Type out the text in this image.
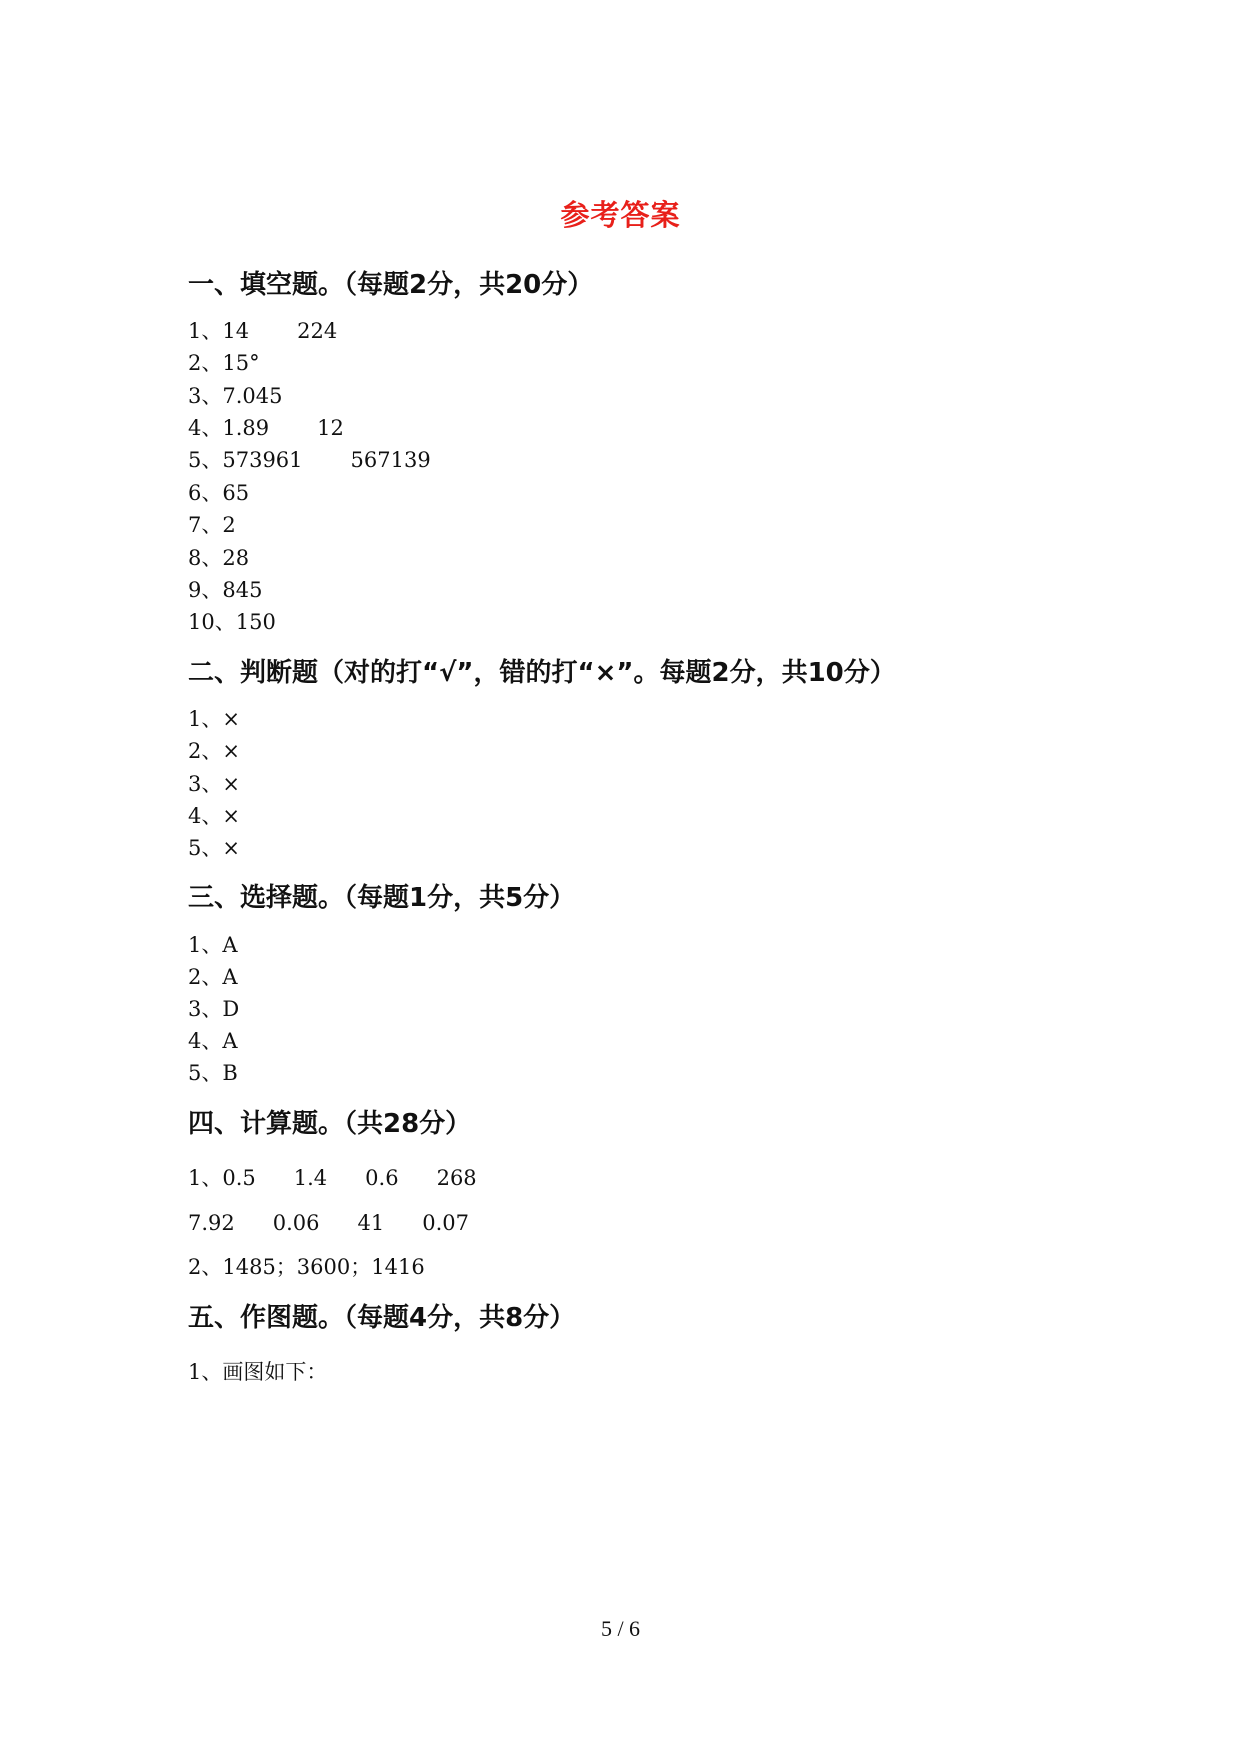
参考答案
一、填空题。（每题2分，共20分）
1、14 224
2、15°
3、7.045
4、1.89 12
5、573961 567139
6、65
7、2
8、28
9、845
10、150
二、判断题（对的打“√”，错的打“×”。每题2分，共10分）
1、×
2、×
3、×
4、×
5、×
三、选择题。（每题1分，共5分）
1、A
2、A
3、D
4、A
5、B
四、计算题。（共28分）
1、0.5 1.4 0.6 268
7.92 0.06 41 0.07
2、1485；3600；1416
五、作图题。（每题4分，共8分）
1、画图如下：
5 / 6
